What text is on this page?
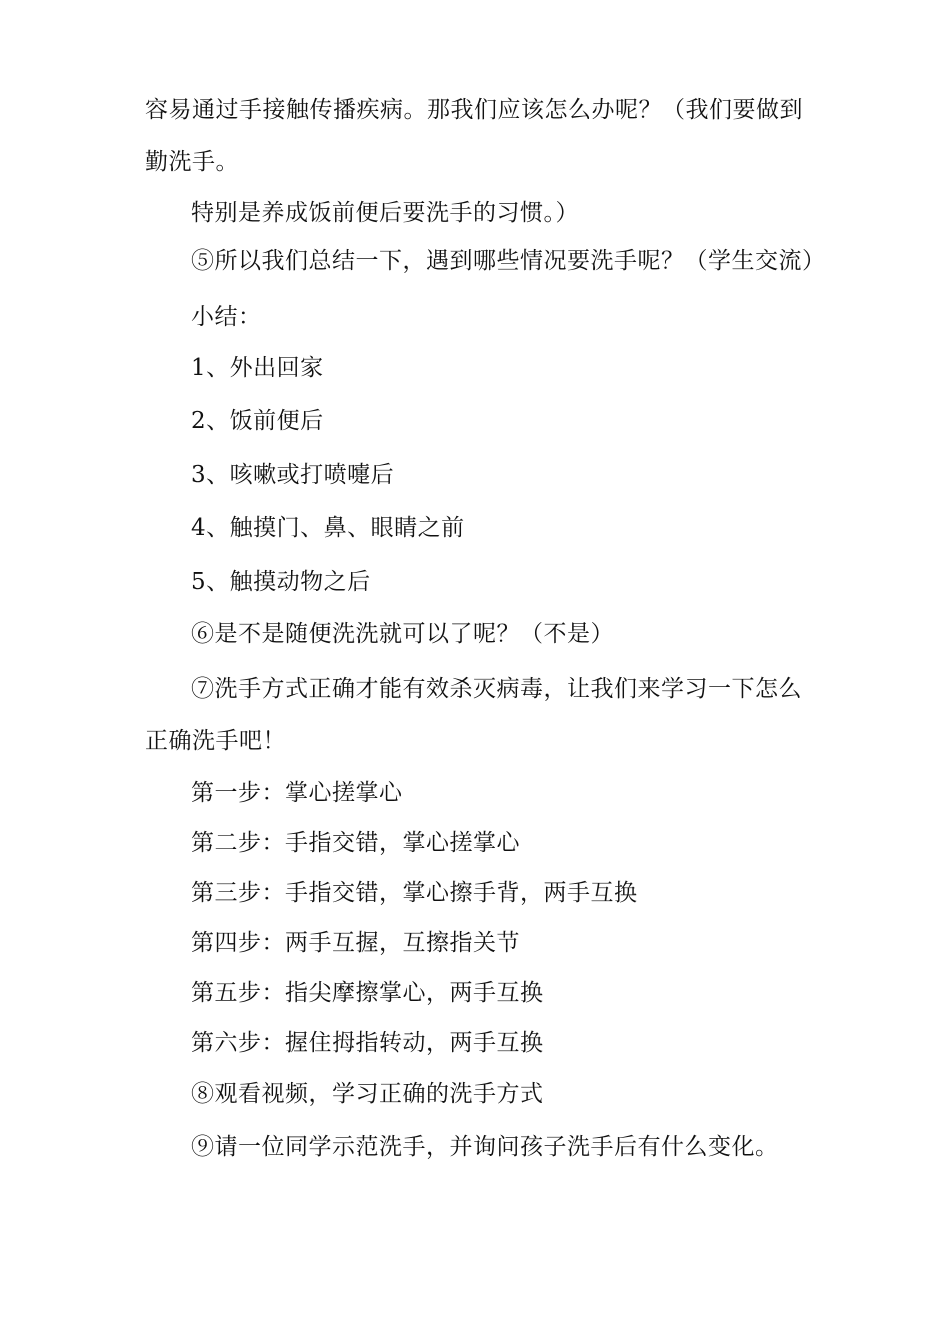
容易通过手接触传播疾病。那我们应该怎么办呢？（我们要做到
勤洗手。
特别是养成饭前便后要洗手的习惯。）
⑤所以我们总结一下，遇到哪些情况要洗手呢？（学生交流）
小结：
1、外出回家
2、饭前便后
3、咳嗽或打喷嚏后
4、触摸门、鼻、眼睛之前
5、触摸动物之后
⑥是不是随便洗洗就可以了呢？（不是）
⑦洗手方式正确才能有效杀灭病毒，让我们来学习一下怎么
正确洗手吧！
第一步：掌心搓掌心
第二步：手指交错，掌心搓掌心
第三步：手指交错，掌心擦手背，两手互换
第四步：两手互握，互擦指关节
第五步：指尖摩擦掌心，两手互换
第六步：握住拇指转动，两手互换
⑧观看视频，学习正确的洗手方式
⑨请一位同学示范洗手，并询问孩子洗手后有什么变化。
